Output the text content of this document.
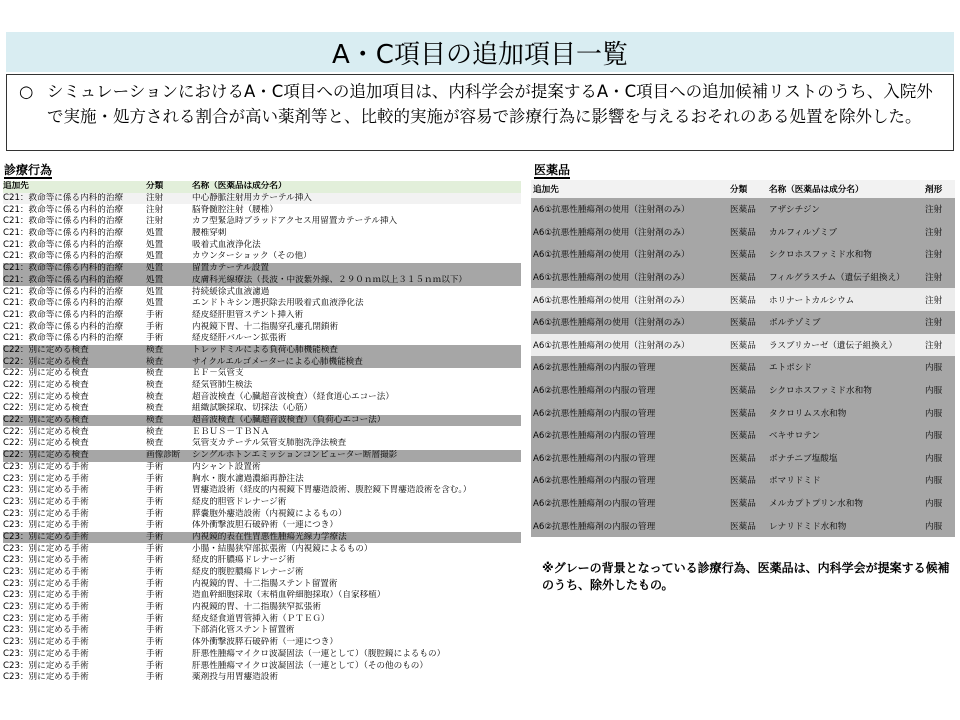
A・C項目の追加項目一覧
○ シミュレーションにおけるA・C項目への追加項目は、内科学会が提案するA・C項目への追加候補リストのうち、入院外で実施・処方される割合が高い薬剤等と、比較的実施が容易で診療行為に影響を与えるおそれのある処置を除外した。
診療行為	医薬品
追加先	分類	名称（医薬品は成分名）
C21：救命等に係る内科的治療	注射	中心静脈注射用カテーテル挿入
C21：救命等に係る内科的治療	注射	脳脊髄腔注射（腰椎）
C21：救命等に係る内科的治療	注射	カフ型緊急時ブラッドアクセス用留置カテーテル挿入
C21：救命等に係る内科的治療	処置	腰椎穿刺
C21：救命等に係る内科的治療	処置	吸着式血液浄化法
C21：救命等に係る内科的治療	処置	カウンターショック（その他）
C21：救命等に係る内科的治療	処置	留置カテーテル設置
C21：救命等に係る内科的治療	処置	皮膚科光線療法（長波・中波紫外線、２９０ｎｍ以上３１５ｎｍ以下）
C21：救命等に係る内科的治療	処置	持続緩徐式血液濾過
C21：救命等に係る内科的治療	処置	エンドトキシン選択除去用吸着式血液浄化法
C21：救命等に係る内科的治療	手術	経皮経肝胆管ステント挿入術
C21：救命等に係る内科的治療	手術	内視鏡下胃、十二指腸穿孔瘻孔閉鎖術
C21：救命等に係る内科的治療	手術	経皮経肝バルーン拡張術
C22：別に定める検査	検査	トレッドミルによる負荷心肺機能検査
C22：別に定める検査	検査	サイクルエルゴメーターによる心肺機能検査
C22：別に定める検査	検査	ＥＦ－気管支
C22：別に定める検査	検査	経気管肺生検法
C22：別に定める検査	検査	超音波検査（心臓超音波検査）（経食道心エコー法）
C22：別に定める検査	検査	組織試験採取、切採法（心筋）
C22：別に定める検査	検査	超音波検査（心臓超音波検査）（負荷心エコー法）
C22：別に定める検査	検査	ＥＢＵＳ－ＴＢＮＡ
C22：別に定める検査	検査	気管支カテーテル気管支肺胞洗浄法検査
C22：別に定める検査	画像診断	シングルホトンエミッションコンピューター断層撮影
C23：別に定める手術	手術	内シャント設置術
C23：別に定める手術	手術	胸水・腹水濾過濃縮再静注法
C23：別に定める手術	手術	胃瘻造設術（経皮的内視鏡下胃瘻造設術、腹腔鏡下胃瘻造設術を含む。）
C23：別に定める手術	手術	経皮的胆管ドレナージ術
C23：別に定める手術	手術	膵嚢胞外瘻造設術（内視鏡によるもの）
C23：別に定める手術	手術	体外衝撃波胆石破砕術（一連につき）
C23：別に定める手術	手術	内視鏡的表在性胃悪性腫瘍光線力学療法
C23：別に定める手術	手術	小腸・結腸狭窄部拡張術（内視鏡によるもの）
C23：別に定める手術	手術	経皮的肝膿瘍ドレナージ術
C23：別に定める手術	手術	経皮的腹腔膿瘍ドレナージ術
C23：別に定める手術	手術	内視鏡的胃、十二指腸ステント留置術
C23：別に定める手術	手術	造血幹細胞採取（末梢血幹細胞採取）（自家移植）
C23：別に定める手術	手術	内視鏡的胃、十二指腸狭窄拡張術
C23：別に定める手術	手術	経皮経食道胃管挿入術（ＰＴＥＧ）
C23：別に定める手術	手術	下部消化管ステント留置術
C23：別に定める手術	手術	体外衝撃波膵石破砕術（一連につき）
C23：別に定める手術	手術	肝悪性腫瘍マイクロ波凝固法（一連として）（腹腔鏡によるもの）
C23：別に定める手術	手術	肝悪性腫瘍マイクロ波凝固法（一連として）（その他のもの）
C23：別に定める手術	手術	薬剤投与用胃瘻造設術
追加先	分類	名称（医薬品は成分名）	剤形
A6①抗悪性腫瘍剤の使用（注射剤のみ）	医薬品	アザシチジン	注射
A6①抗悪性腫瘍剤の使用（注射剤のみ）	医薬品	カルフィルゾミブ	注射
A6①抗悪性腫瘍剤の使用（注射剤のみ）	医薬品	シクロホスファミド水和物	注射
A6①抗悪性腫瘍剤の使用（注射剤のみ）	医薬品	フィルグラスチム（遺伝子組換え）	注射
A6①抗悪性腫瘍剤の使用（注射剤のみ）	医薬品	ホリナートカルシウム	注射
A6①抗悪性腫瘍剤の使用（注射剤のみ）	医薬品	ボルテゾミブ	注射
A6①抗悪性腫瘍剤の使用（注射剤のみ）	医薬品	ラスブリカーゼ（遺伝子組換え）	注射
A6②抗悪性腫瘍剤の内服の管理	医薬品	エトポシド	内服
A6②抗悪性腫瘍剤の内服の管理	医薬品	シクロホスファミド水和物	内服
A6②抗悪性腫瘍剤の内服の管理	医薬品	タクロリムス水和物	内服
A6②抗悪性腫瘍剤の内服の管理	医薬品	ベキサロテン	内服
A6②抗悪性腫瘍剤の内服の管理	医薬品	ボナチニブ塩酸塩	内服
A6②抗悪性腫瘍剤の内服の管理	医薬品	ポマリドミド	内服
A6②抗悪性腫瘍剤の内服の管理	医薬品	メルカプトプリン水和物	内服
A6②抗悪性腫瘍剤の内服の管理	医薬品	レナリドミド水和物	内服
※グレーの背景となっている診療行為、医薬品は、内科学会が提案する候補のうち、除外したもの。
